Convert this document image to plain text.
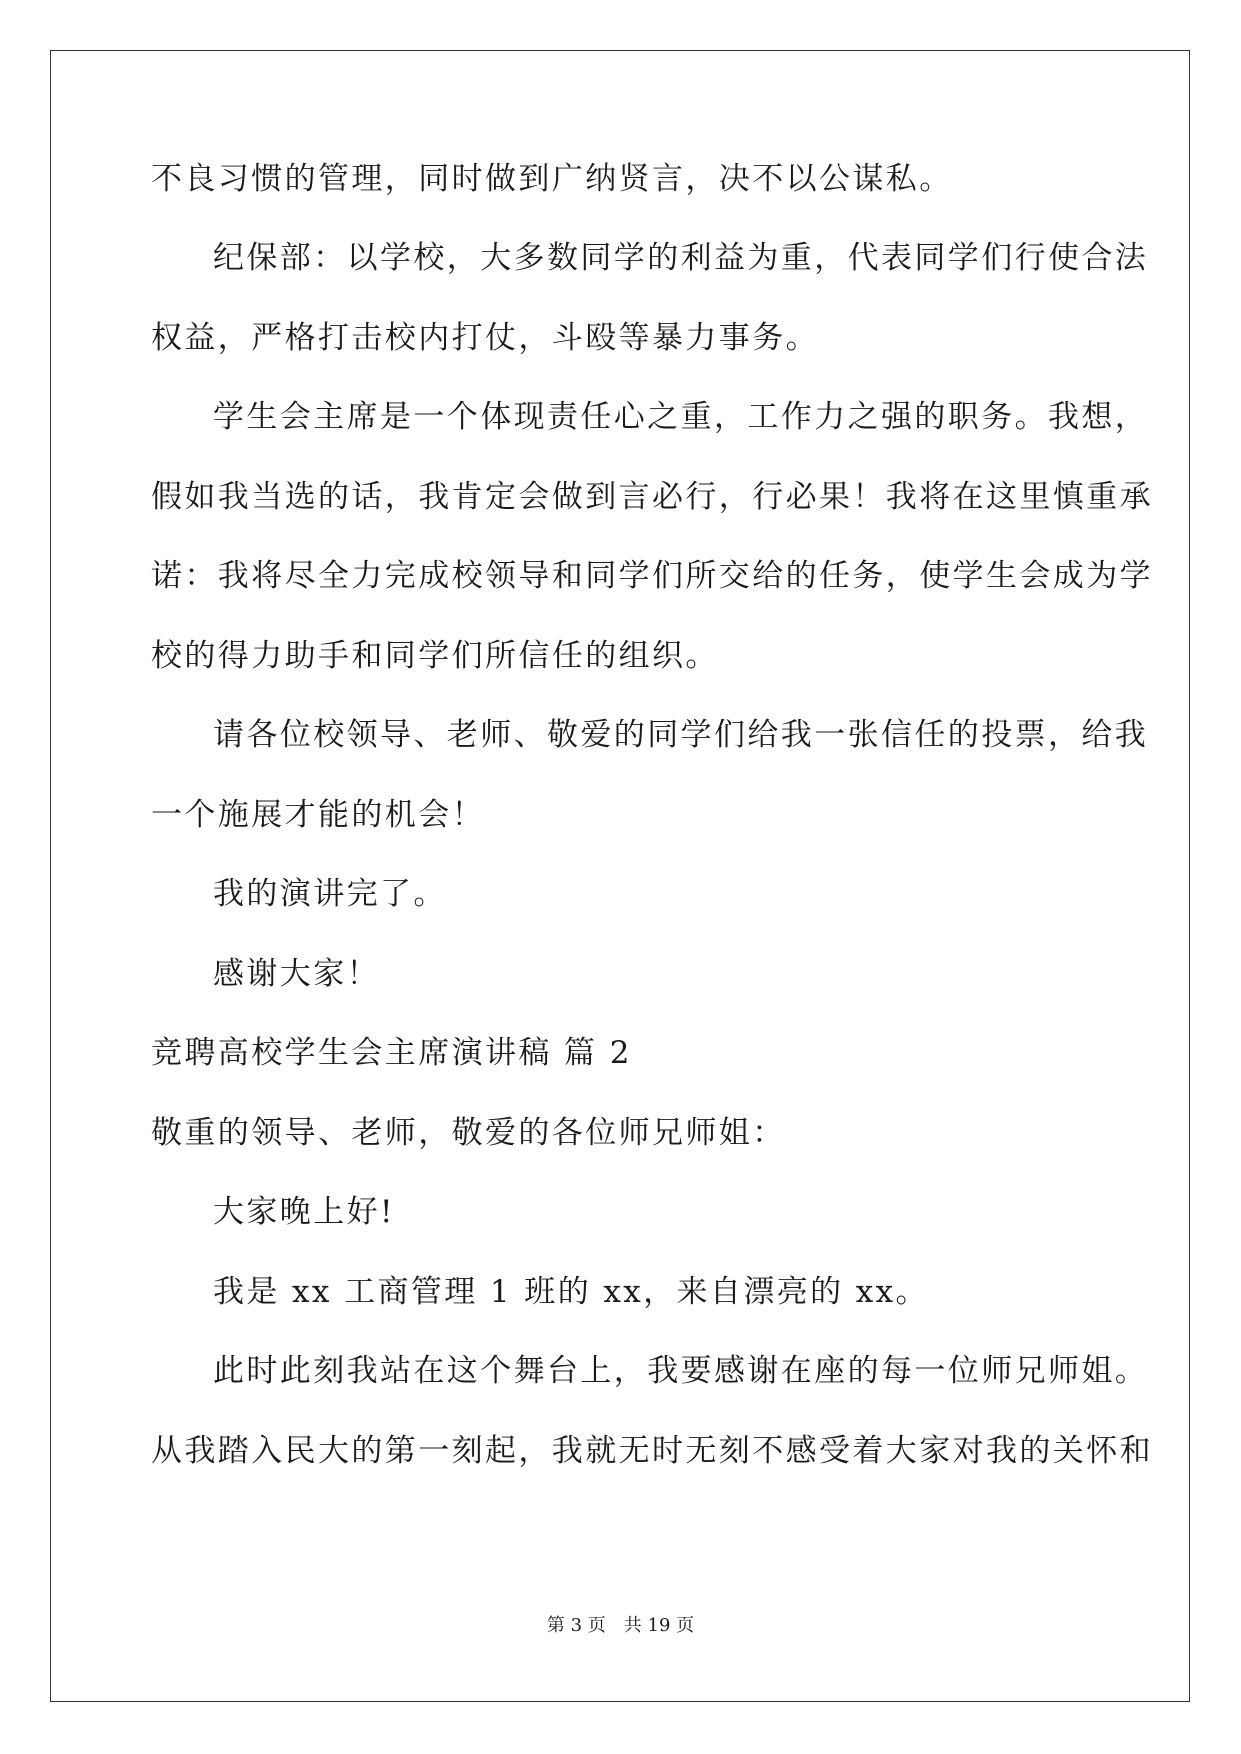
不良习惯的管理，同时做到广纳贤言，决不以公谋私。
纪保部：以学校，大多数同学的利益为重，代表同学们行使合法
权益，严格打击校内打仗，斗殴等暴力事务。
学生会主席是一个体现责任心之重，工作力之强的职务。我想，
假如我当选的话，我肯定会做到言必行，行必果！我将在这里慎重承
诺：我将尽全力完成校领导和同学们所交给的任务，使学生会成为学
校的得力助手和同学们所信任的组织。
请各位校领导、老师、敬爱的同学们给我一张信任的投票，给我
一个施展才能的机会！
我的演讲完了。
感谢大家！
竞聘高校学生会主席演讲稿 篇 2
敬重的领导、老师，敬爱的各位师兄师姐：
大家晚上好!
我是 xx 工商管理 1 班的 xx，来自漂亮的 xx。
此时此刻我站在这个舞台上，我要感谢在座的每一位师兄师姐。
从我踏入民大的第一刻起，我就无时无刻不感受着大家对我的关怀和
第 3 页 共 19 页
